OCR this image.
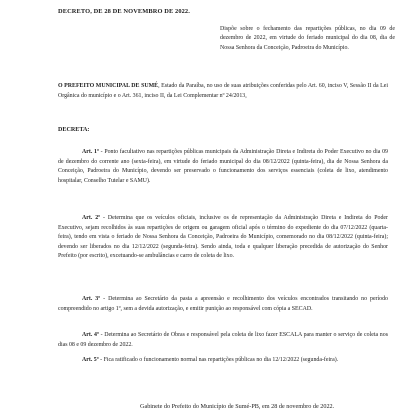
DECRETO, DE 28 DE NOVEMBRO DE 2022.
Dispõe sobre o fechamento das repartições públicas, no dia 09 de dezembro de 2022, em virtude do feriado municipal do dia 08, dia de Nossa Senhora da Conceição, Padroeira do Município.
O PREFEITO MUNICIPAL DE SUMÉ, Estado da Paraíba, no uso de suas atribuições conferidas pelo Art. 60, inciso V, Sessão II da Lei Orgânica do município e o Art. 361, inciso II, da Lei Complementar nº 24/2013,
DECRETA:
Art. 1º - Ponto facultativo nas repartições públicas municipais da Administração Direta e Indireta do Poder Executivo no dia 09 de dezembro do corrente ano (sexta-feira), em virtude do feriado municipal do dia 08/12/2022 (quinta-feira), dia de Nossa Senhora da Conceição, Padroeira do Município, devendo ser preservado o funcionamento dos serviços essenciais (coleta de lixo, atendimento hospitalar, Conselho Tutelar e SAMU).
Art. 2º - Determina que os veículos oficiais, inclusive os de representação da Administração Direta e Indireta do Poder Executivo, sejam recolhidos às suas repartições de origem ou garagem oficial após o término do expediente do dia 07/12/2022 (quarta-feira), tendo em vista o feriado de Nossa Senhora da Conceição, Padroeira do Município, comemorado no dia 08/12/2022 (quinta-feira); devendo ser liberados no dia 12/12/2022 (segunda-feira). Sendo ainda, toda e qualquer liberação precedida de autorização do Senhor Prefeito (por escrito), excetuando-se ambulâncias e carro de coleta de lixo.
Art. 3º - Determina ao Secretário da pasta a apreensão e recolhimento dos veículos encontrados transitando no período compreendido no artigo 1º, sem a devida autorização, e emitir punição ao responsável com cópia a SECAD.
Art. 4º - Determina ao Secretário de Obras e responsável pela coleta de lixo fazer ESCALA para manter o serviço de coleta nos dias 08 e 09 dezembro de 2022.
Art. 5º - Fica ratificado o funcionamento normal nas repartições públicas no dia 12/12/2022 (segunda-feira).
Gabinete do Prefeito do Município de Sumé-PB, em 28 de novembro de 2022.
